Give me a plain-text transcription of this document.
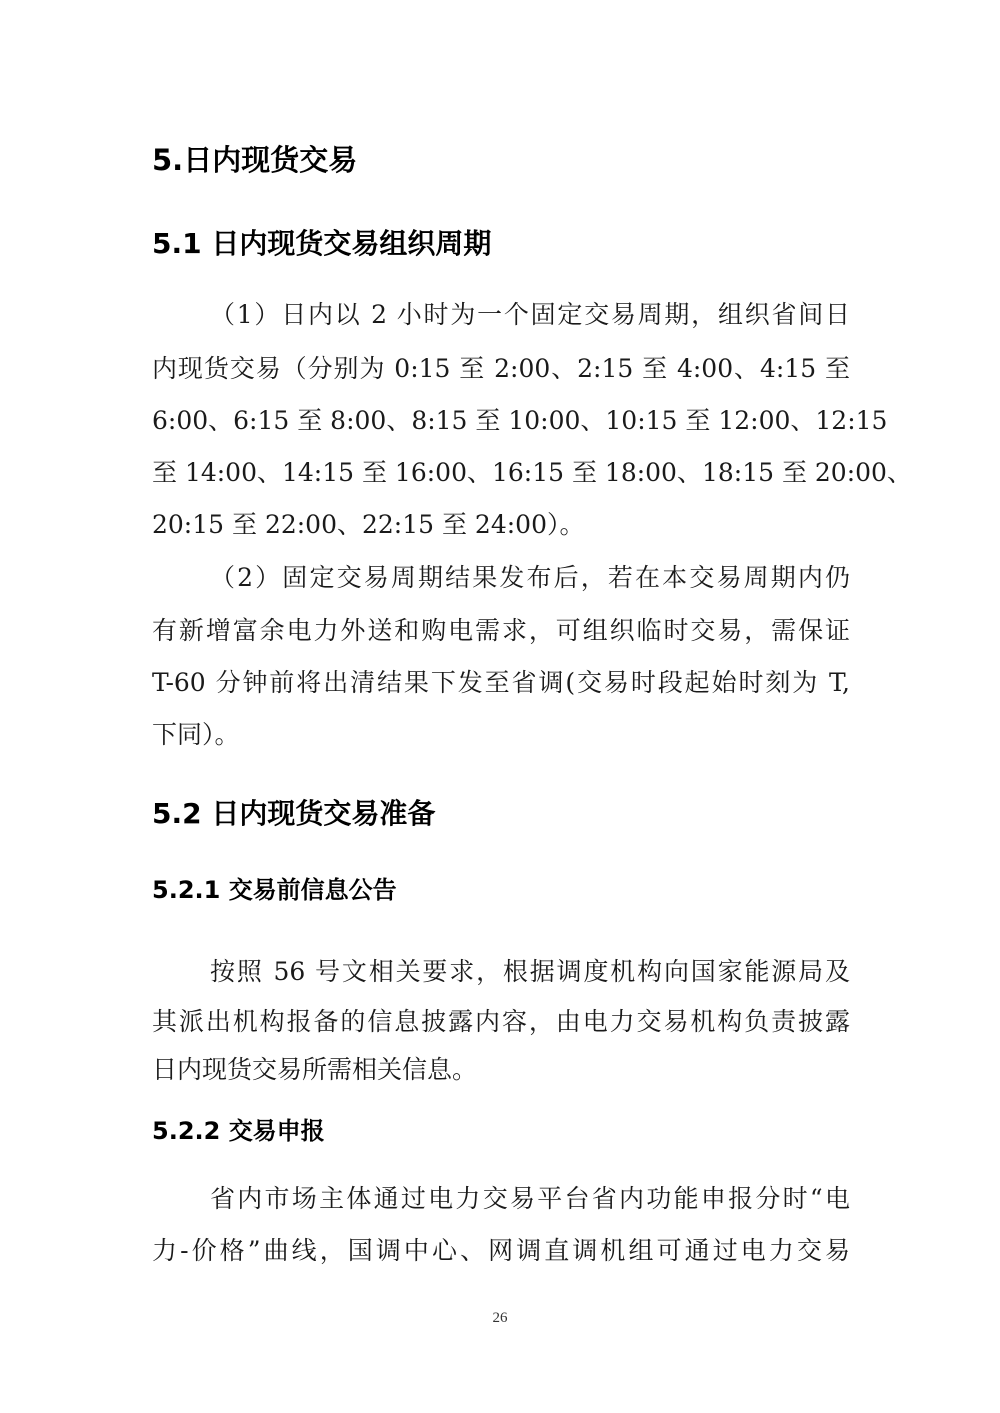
5.日内现货交易
5.1 日内现货交易组织周期
（1）日内以 2 小时为一个固定交易周期，组织省间日
内现货交易（分别为 0:15 至 2:00、2:15 至 4:00、4:15 至
6:00、6:15 至 8:00、8:15 至 10:00、10:15 至 12:00、12:15
至 14:00、14:15 至 16:00、16:15 至 18:00、18:15 至 20:00、
20:15 至 22:00、22:15 至 24:00）。
（2）固定交易周期结果发布后，若在本交易周期内仍
有新增富余电力外送和购电需求，可组织临时交易，需保证
T-60 分钟前将出清结果下发至省调(交易时段起始时刻为 T,
下同）。
5.2 日内现货交易准备
5.2.1 交易前信息公告
按照 56 号文相关要求，根据调度机构向国家能源局及
其派出机构报备的信息披露内容，由电力交易机构负责披露
日内现货交易所需相关信息。
5.2.2 交易申报
省内市场主体通过电力交易平台省内功能申报分时“电
力-价格”曲线，国调中心、网调直调机组可通过电力交易
26
